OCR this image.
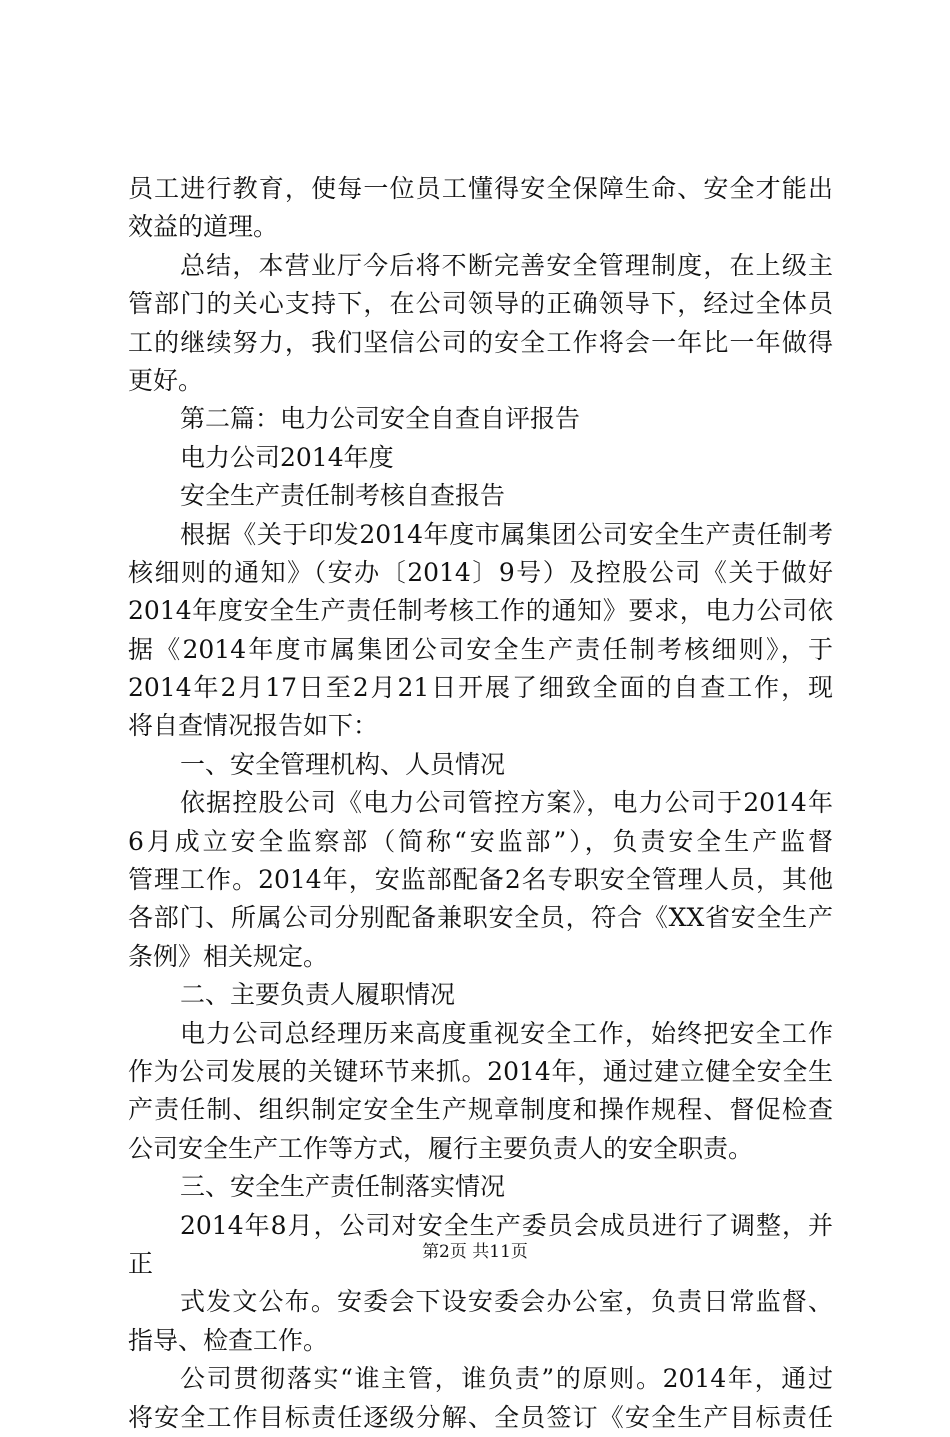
员工进行教育，使每一位员工懂得安全保障生命、安全才能出
效益的道理。
总结，本营业厅今后将不断完善安全管理制度，在上级主
管部门的关心支持下，在公司领导的正确领导下，经过全体员
工的继续努力，我们坚信公司的安全工作将会一年比一年做得
更好。
第二篇：电力公司安全自查自评报告
电力公司2014年度
安全生产责任制考核自查报告
根据《关于印发2014年度市属集团公司安全生产责任制考
核细则的通知》（安办〔2014〕9号）及控股公司《关于做好
2014年度安全生产责任制考核工作的通知》要求，电力公司依
据《2014年度市属集团公司安全生产责任制考核细则》，于
2014年2月17日至2月21日开展了细致全面的自查工作，现
将自查情况报告如下：
一、安全管理机构、人员情况
依据控股公司《电力公司管控方案》，电力公司于2014年
6月成立安全监察部（简称“安监部”），负责安全生产监督
管理工作。2014年，安监部配备2名专职安全管理人员，其他
各部门、所属公司分别配备兼职安全员，符合《XX省安全生产
条例》相关规定。
二、主要负责人履职情况
电力公司总经理历来高度重视安全工作，始终把安全工作
作为公司发展的关键环节来抓。2014年，通过建立健全安全生
产责任制、组织制定安全生产规章制度和操作规程、督促检查
公司安全生产工作等方式，履行主要负责人的安全职责。
三、安全生产责任制落实情况
2014年8月，公司对安全生产委员会成员进行了调整，并
正
式发文公布。安委会下设安委会办公室，负责日常监督、
指导、检查工作。
公司贯彻落实“谁主管，谁负责”的原则。2014年，通过
将安全工作目标责任逐级分解、全员签订《安全生产目标责任
第2页 共11页
